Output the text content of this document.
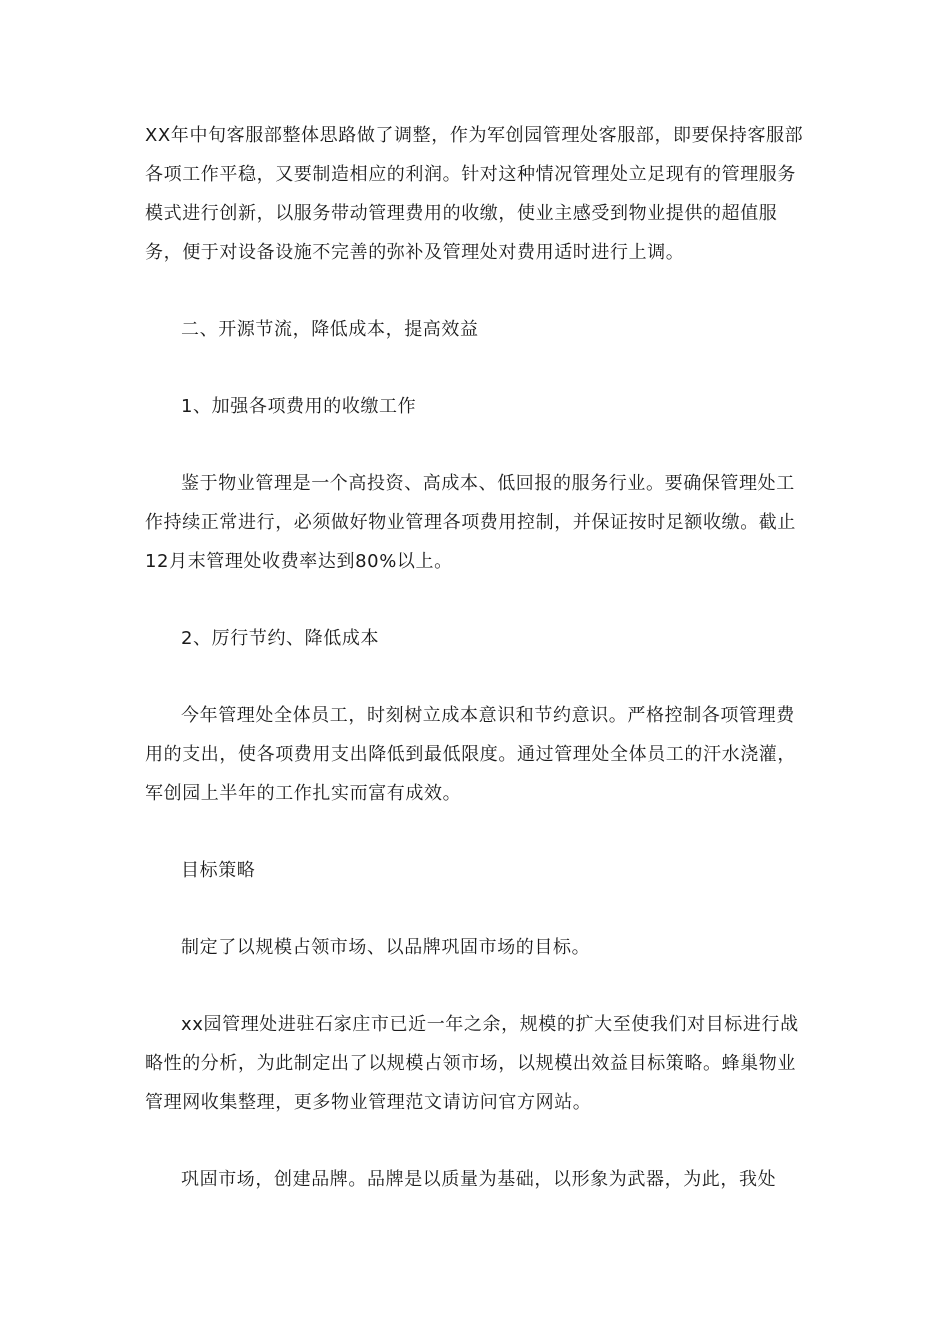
XX年中旬客服部整体思路做了调整，作为军创园管理处客服部，即要保持客服部各项工作平稳，又要制造相应的利润。针对这种情况管理处立足现有的管理服务模式进行创新，以服务带动管理费用的收缴，使业主感受到物业提供的超值服务，便于对设备设施不完善的弥补及管理处对费用适时进行上调。

二、开源节流，降低成本，提高效益

1、加强各项费用的收缴工作

鉴于物业管理是一个高投资、高成本、低回报的服务行业。要确保管理处工作持续正常进行，必须做好物业管理各项费用控制，并保证按时足额收缴。截止12月末管理处收费率达到80%以上。

2、厉行节约、降低成本

今年管理处全体员工，时刻树立成本意识和节约意识。严格控制各项管理费用的支出，使各项费用支出降低到最低限度。通过管理处全体员工的汗水浇灌，军创园上半年的工作扎实而富有成效。

目标策略

制定了以规模占领市场、以品牌巩固市场的目标。

xx园管理处进驻石家庄市已近一年之余，规模的扩大至使我们对目标进行战略性的分析，为此制定出了以规模占领市场，以规模出效益目标策略。蜂巢物业管理网收集整理，更多物业管理范文请访问官方网站。

巩固市场，创建品牌。品牌是以质量为基础，以形象为武器，为此，我处
